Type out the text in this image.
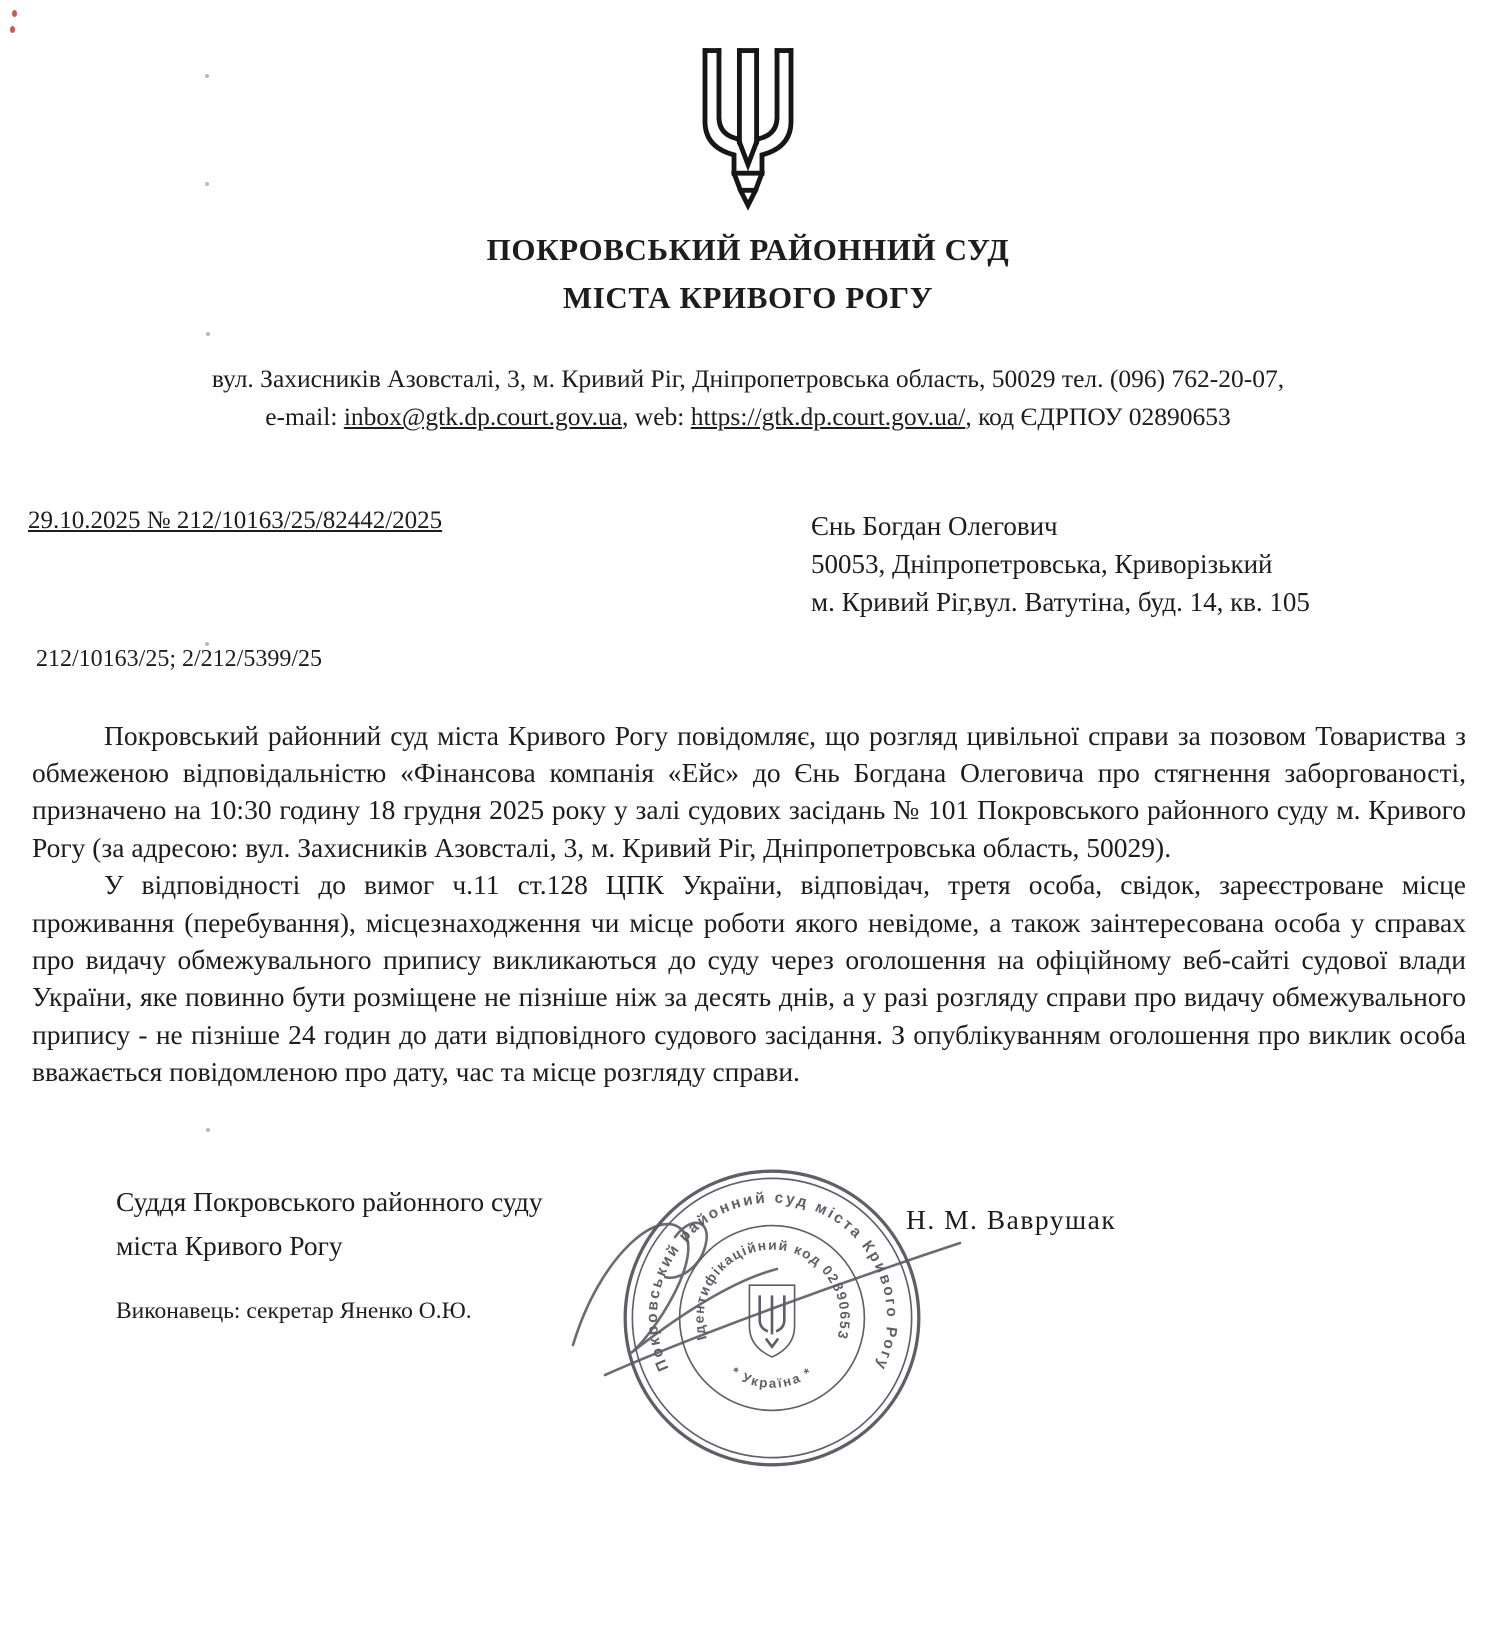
ПОКРОВСЬКИЙ РАЙОННИЙ СУД
МІСТА КРИВОГО РОГУ
вул. Захисників Азовсталі, 3, м. Кривий Ріг, Дніпропетровська область, 50029 тел. (096) 762-20-07,
e-mail: inbox@gtk.dp.court.gov.ua, web: https://gtk.dp.court.gov.ua/, код ЄДРПОУ 02890653
29.10.2025 № 212/10163/25/82442/2025	Єнь Богдан Олегович
50053, Дніпропетровська, Криворізький
м. Кривий Ріг,вул. Ватутіна, буд. 14, кв. 105
212/10163/25; 2/212/5399/25

Покровський районний суд міста Кривого Рогу повідомляє, що розгляд цивільної справи за позовом Товариства з обмеженою відповідальністю «Фінансова компанія «Ейс» до Єнь Богдана Олеговича про стягнення заборгованості, призначено на 10:30 годину 18 грудня 2025 року у залі судових засідань № 101 Покровського районного суду м. Кривого Рогу (за адресою: вул. Захисників Азовсталі, 3, м. Кривий Ріг, Дніпропетровська область, 50029).

У відповідності до вимог ч.11 ст.128 ЦПК України, відповідач, третя особа, свідок, зареєстроване місце проживання (перебування), місцезнаходження чи місце роботи якого невідоме, а також заінтересована особа у справах про видачу обмежувального припису викликаються до суду через оголошення на офіційному веб-сайті судової влади України, яке повинно бути розміщене не пізніше ніж за десять днів, а у разі розгляду справи про видачу обмежувального припису - не пізніше 24 годин до дати відповідного судового засідання. З опублікуванням оголошення про виклик особа вважається повідомленою про дату, час та місце розгляду справи.

Суддя Покровського районного суду
міста Кривого Рогу
Н. М. Ваврушак
Виконавець: секретар Яненко О.Ю.
Покровський районний суд міста Кривого Рогу
Ідентифікаційний код 02890653
* Україна *
